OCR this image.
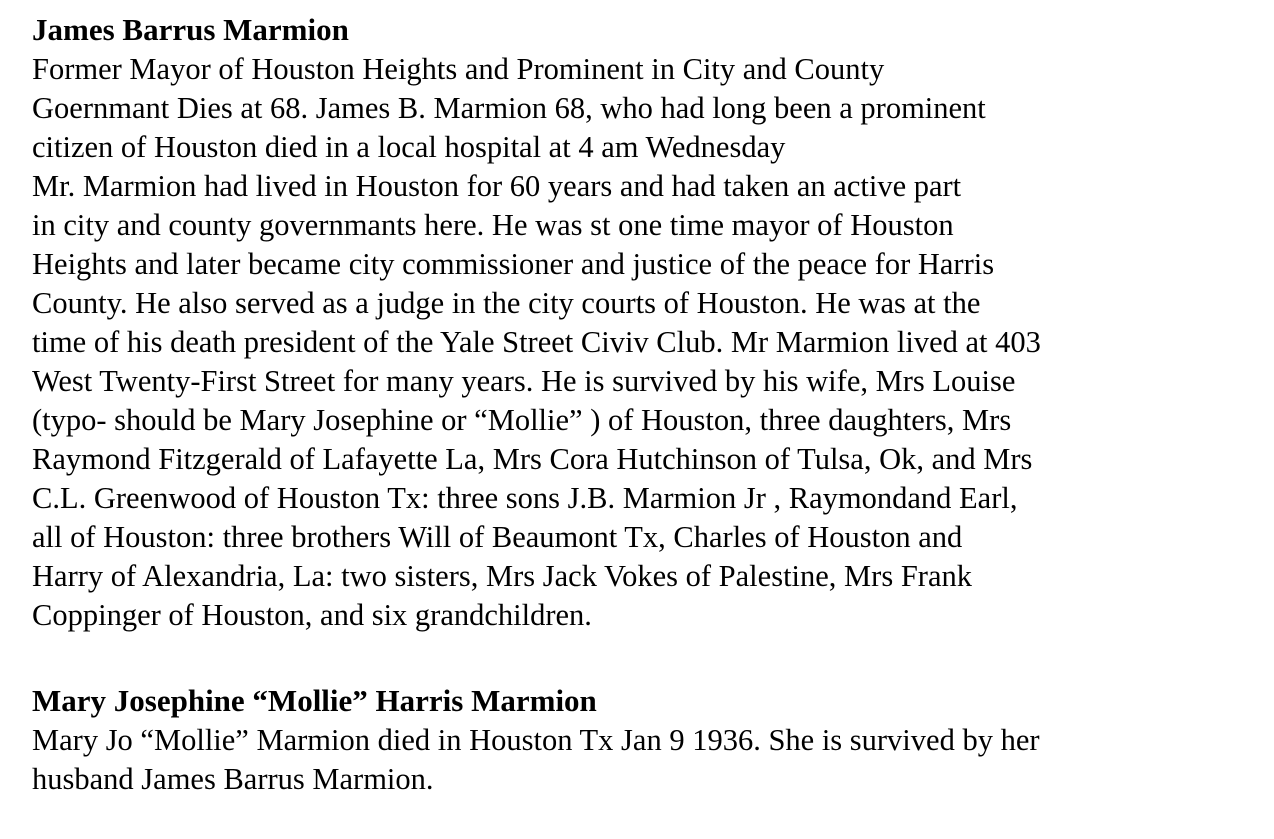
James Barrus Marmion
Former Mayor of Houston Heights and Prominent in City and County
Goernmant Dies at 68. James B. Marmion 68, who had long been a prominent
citizen of Houston died in a local hospital at 4 am Wednesday
Mr. Marmion had lived in Houston for 60 years and had taken an active part
in city and county governmants here. He was st one time mayor of Houston
Heights and later became city commissioner and justice of the peace for Harris
County. He also served as a judge in the city courts of Houston. He was at the
time of his death president of the Yale Street Civiv Club. Mr Marmion lived at 403
West Twenty-First Street for many years. He is survived by his wife, Mrs Louise
(typo- should be Mary Josephine or “Mollie” ) of Houston, three daughters, Mrs
Raymond Fitzgerald of Lafayette La, Mrs Cora Hutchinson of Tulsa, Ok, and Mrs
C.L. Greenwood of Houston Tx: three sons J.B. Marmion Jr , Raymondand Earl,
all of Houston: three brothers Will of Beaumont Tx, Charles of Houston and
Harry of Alexandria, La: two sisters, Mrs Jack Vokes of Palestine, Mrs Frank
Coppinger of Houston, and six grandchildren.
Mary Josephine “Mollie” Harris Marmion
Mary Jo “Mollie” Marmion died in Houston Tx Jan 9 1936. She is survived by her
husband James Barrus Marmion.
